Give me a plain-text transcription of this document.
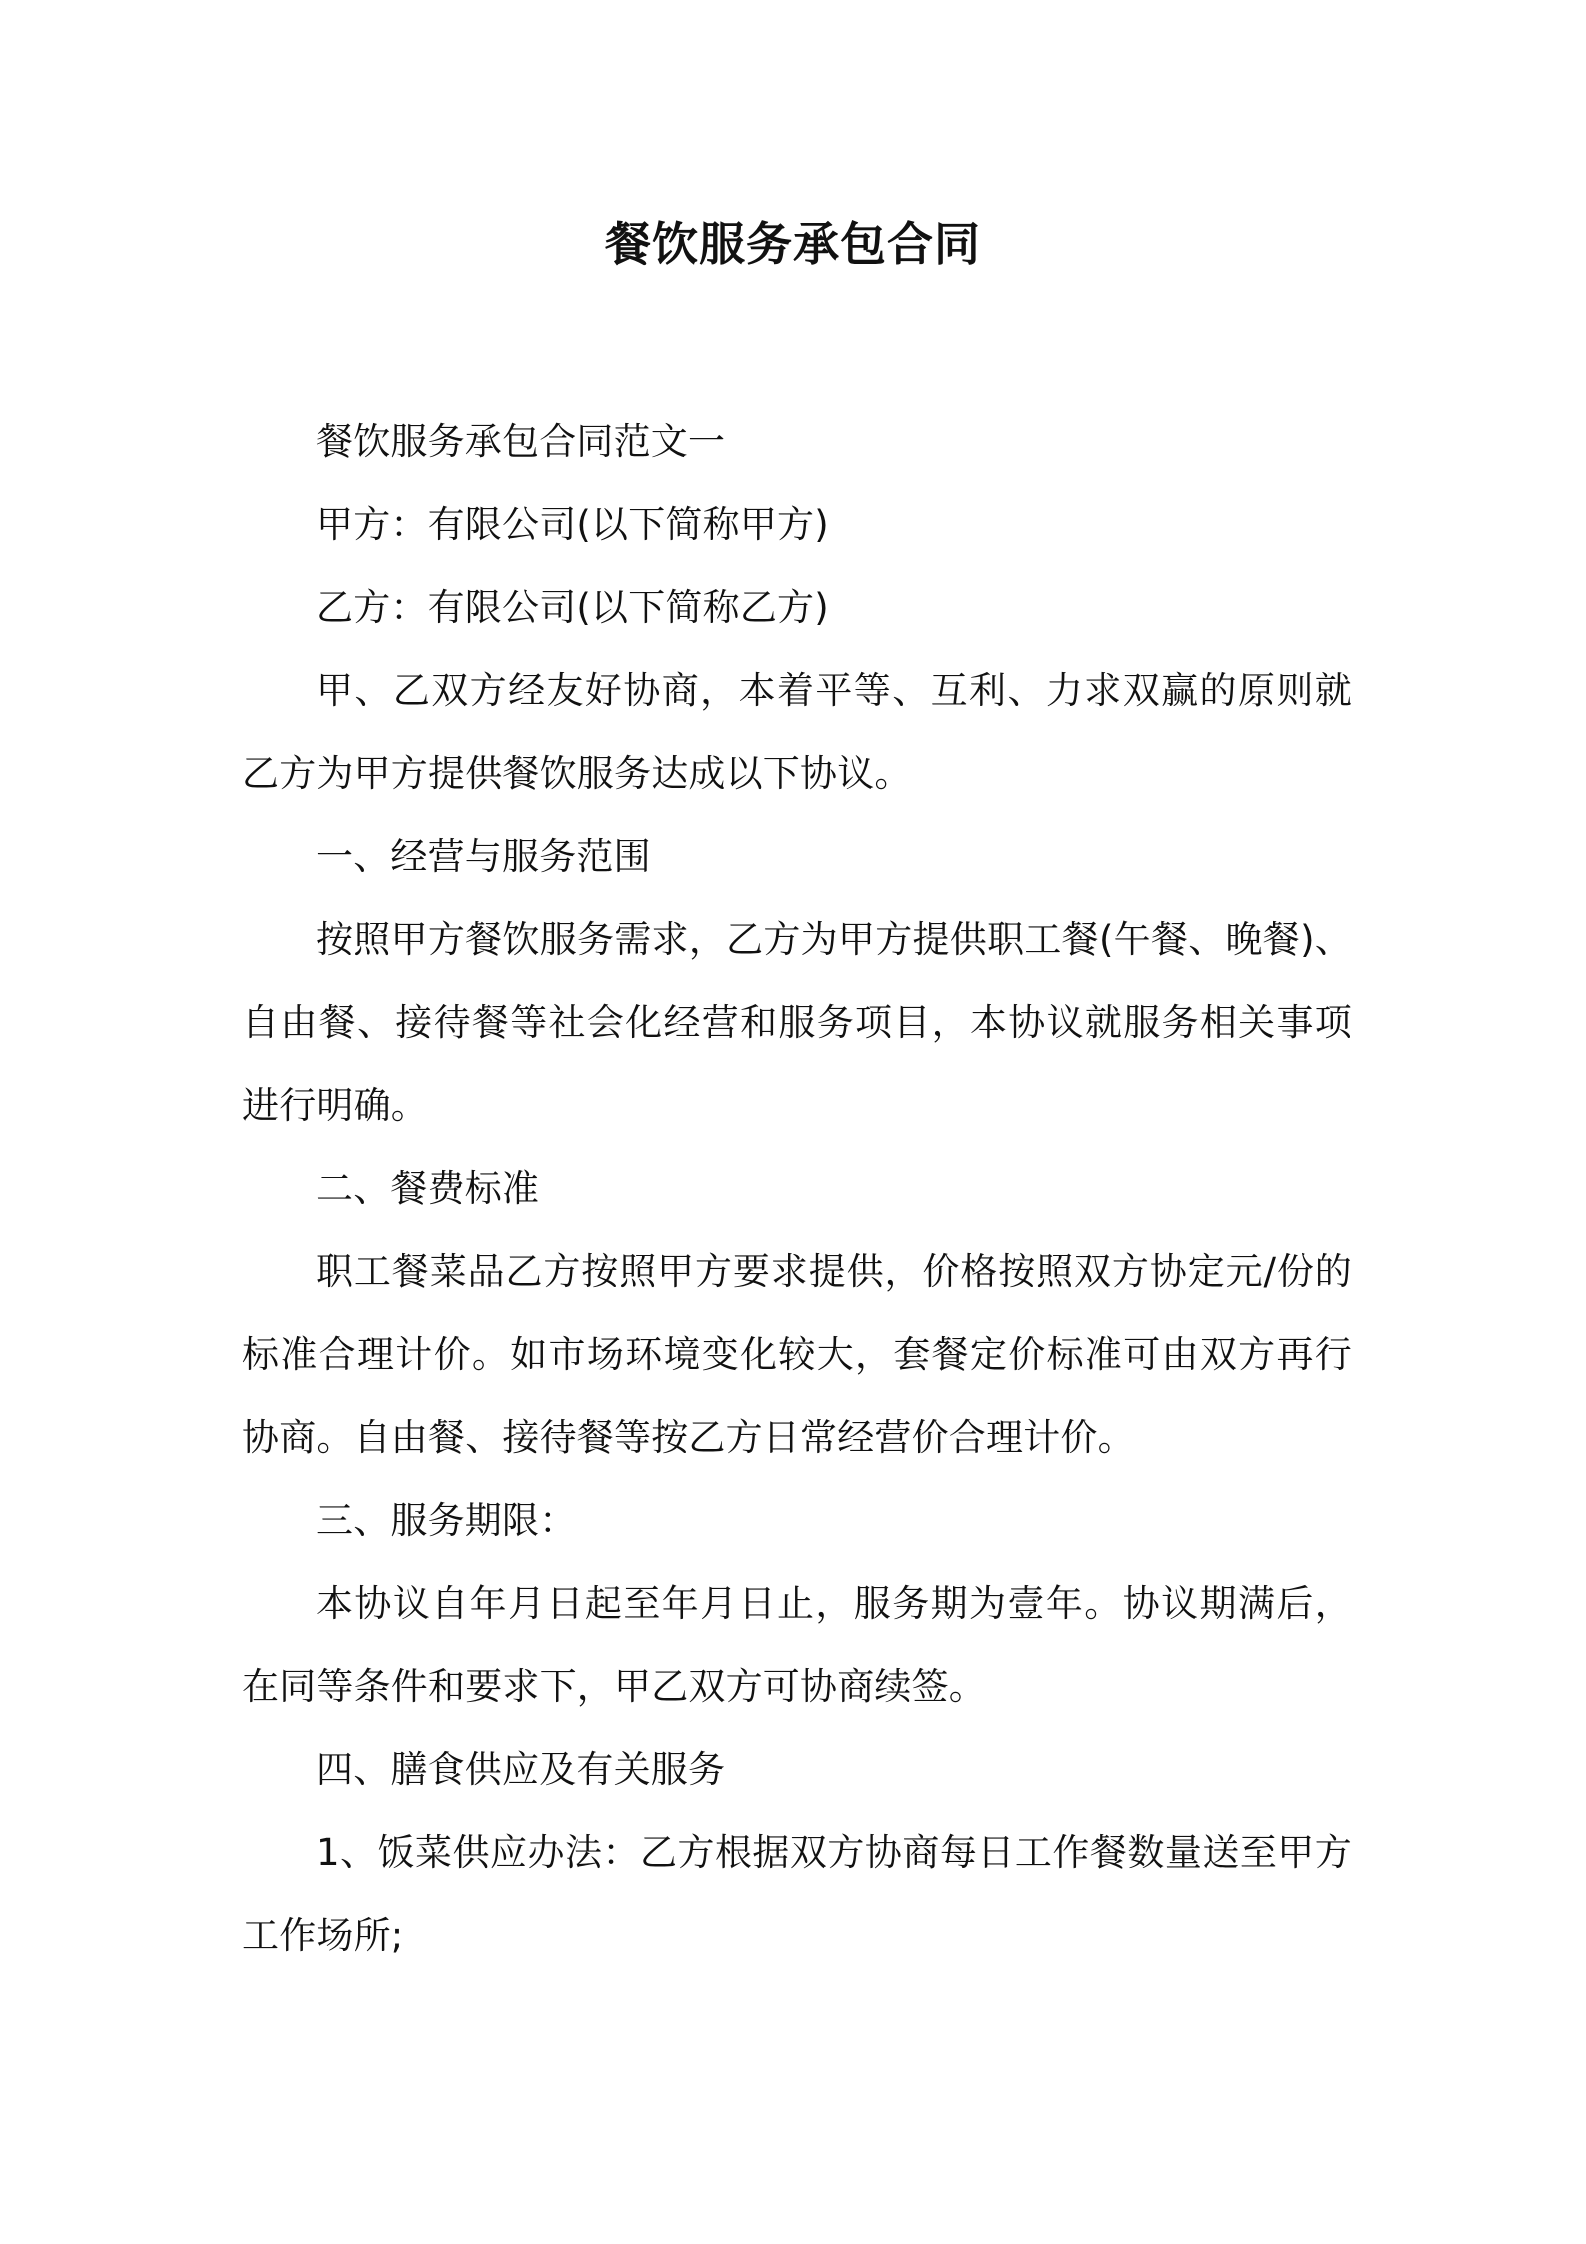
餐饮服务承包合同

餐饮服务承包合同范文一

甲方：有限公司(以下简称甲方)

乙方：有限公司(以下简称乙方)

甲、乙双方经友好协商，本着平等、互利、力求双赢的原则就乙方为甲方提供餐饮服务达成以下协议。

一、经营与服务范围

按照甲方餐饮服务需求，乙方为甲方提供职工餐(午餐、晚餐)、自由餐、接待餐等社会化经营和服务项目，本协议就服务相关事项进行明确。

二、餐费标准

职工餐菜品乙方按照甲方要求提供，价格按照双方协定元/份的标准合理计价。如市场环境变化较大，套餐定价标准可由双方再行协商。自由餐、接待餐等按乙方日常经营价合理计价。

三、服务期限：

本协议自年月日起至年月日止，服务期为壹年。协议期满后，在同等条件和要求下，甲乙双方可协商续签。

四、膳食供应及有关服务

1、饭菜供应办法：乙方根据双方协商每日工作餐数量送至甲方工作场所;
